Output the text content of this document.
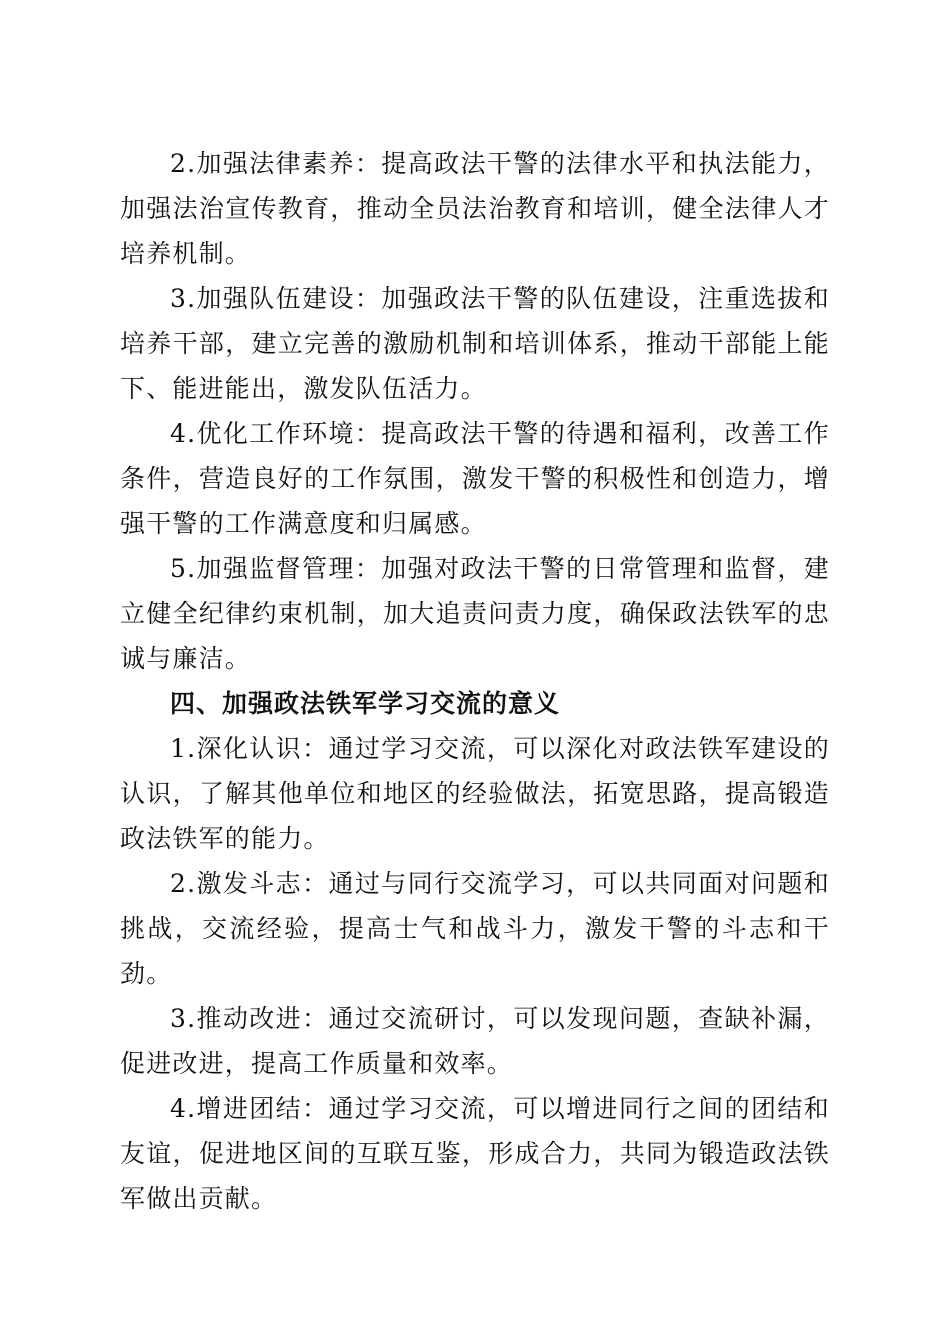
2.加强法律素养：提高政法干警的法律水平和执法能力，加强法治宣传教育，推动全员法治教育和培训，健全法律人才培养机制。

3.加强队伍建设：加强政法干警的队伍建设，注重选拔和培养干部，建立完善的激励机制和培训体系，推动干部能上能下、能进能出，激发队伍活力。

4.优化工作环境：提高政法干警的待遇和福利，改善工作条件，营造良好的工作氛围，激发干警的积极性和创造力，增强干警的工作满意度和归属感。

5.加强监督管理：加强对政法干警的日常管理和监督，建立健全纪律约束机制，加大追责问责力度，确保政法铁军的忠诚与廉洁。

四、加强政法铁军学习交流的意义

1.深化认识：通过学习交流，可以深化对政法铁军建设的认识，了解其他单位和地区的经验做法，拓宽思路，提高锻造政法铁军的能力。

2.激发斗志：通过与同行交流学习，可以共同面对问题和挑战，交流经验，提高士气和战斗力，激发干警的斗志和干劲。

3.推动改进：通过交流研讨，可以发现问题，查缺补漏，促进改进，提高工作质量和效率。

4.增进团结：通过学习交流，可以增进同行之间的团结和友谊，促进地区间的互联互鉴，形成合力，共同为锻造政法铁军做出贡献。
